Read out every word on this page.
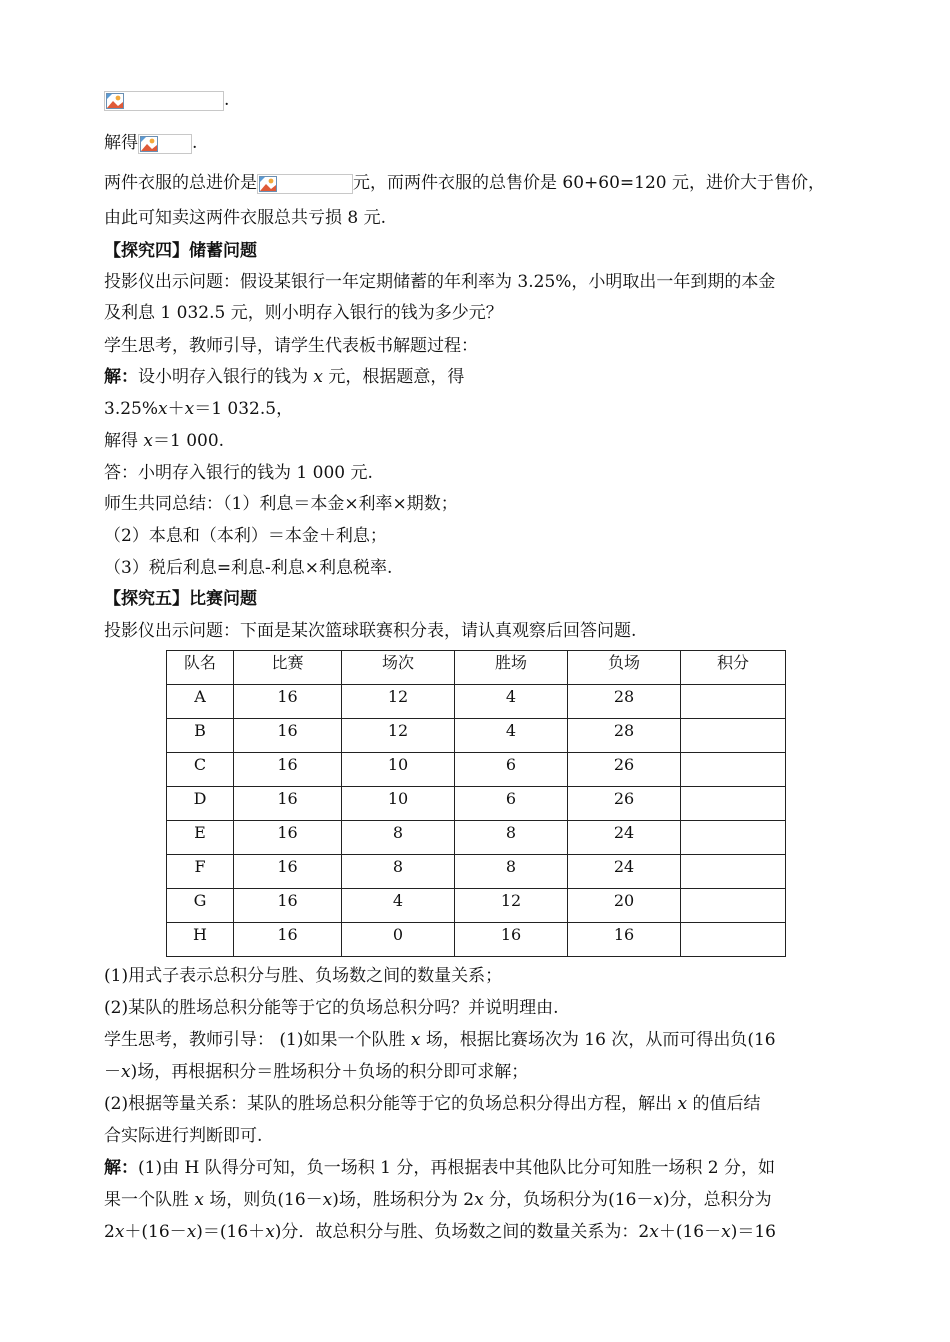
.
解得	.
两件衣服的总进价是	元，而两件衣服的总售价是 60+60=120 元，进价大于售价，
由此可知卖这两件衣服总共亏损 8 元.
【探究四】储蓄问题
投影仪出示问题：假设某银行一年定期储蓄的年利率为 3.25%，小明取出一年到期的本金
及利息 1 032.5 元，则小明存入银行的钱为多少元？
学生思考，教师引导，请学生代表板书解题过程：
解：设小明存入银行的钱为 x 元，根据题意，得
3.25%x＋x＝1 032.5，
解得 x＝1 000.
答：小明存入银行的钱为 1 000 元.
师生共同总结：（1）利息＝本金×利率×期数；
（2）本息和（本利）＝本金＋利息；
（3）税后利息=利息-利息×利息税率.
【探究五】比赛问题
投影仪出示问题：下面是某次篮球联赛积分表，请认真观察后回答问题.
队名	比赛	场次	胜场	负场	积分
A	16	12	4	28	
B	16	12	4	28	
C	16	10	6	26	
D	16	10	6	26	
E	16	8	8	24	
F	16	8	8	24	
G	16	4	12	20	
H	16	0	16	16	
(1)用式子表示总积分与胜、负场数之间的数量关系；
(2)某队的胜场总积分能等于它的负场总积分吗？并说明理由.
学生思考，教师引导： (1)如果一个队胜 x 场，根据比赛场次为 16 次，从而可得出负(16
－x)场，再根据积分＝胜场积分＋负场的积分即可求解；
(2)根据等量关系：某队的胜场总积分能等于它的负场总积分得出方程，解出 x 的值后结
合实际进行判断即可.
解：(1)由 H 队得分可知，负一场积 1 分，再根据表中其他队比分可知胜一场积 2 分，如
果一个队胜 x 场，则负(16－x)场，胜场积分为 2x 分，负场积分为(16－x)分，总积分为
2x＋(16－x)＝(16＋x)分．故总积分与胜、负场数之间的数量关系为：2x＋(16－x)＝16
